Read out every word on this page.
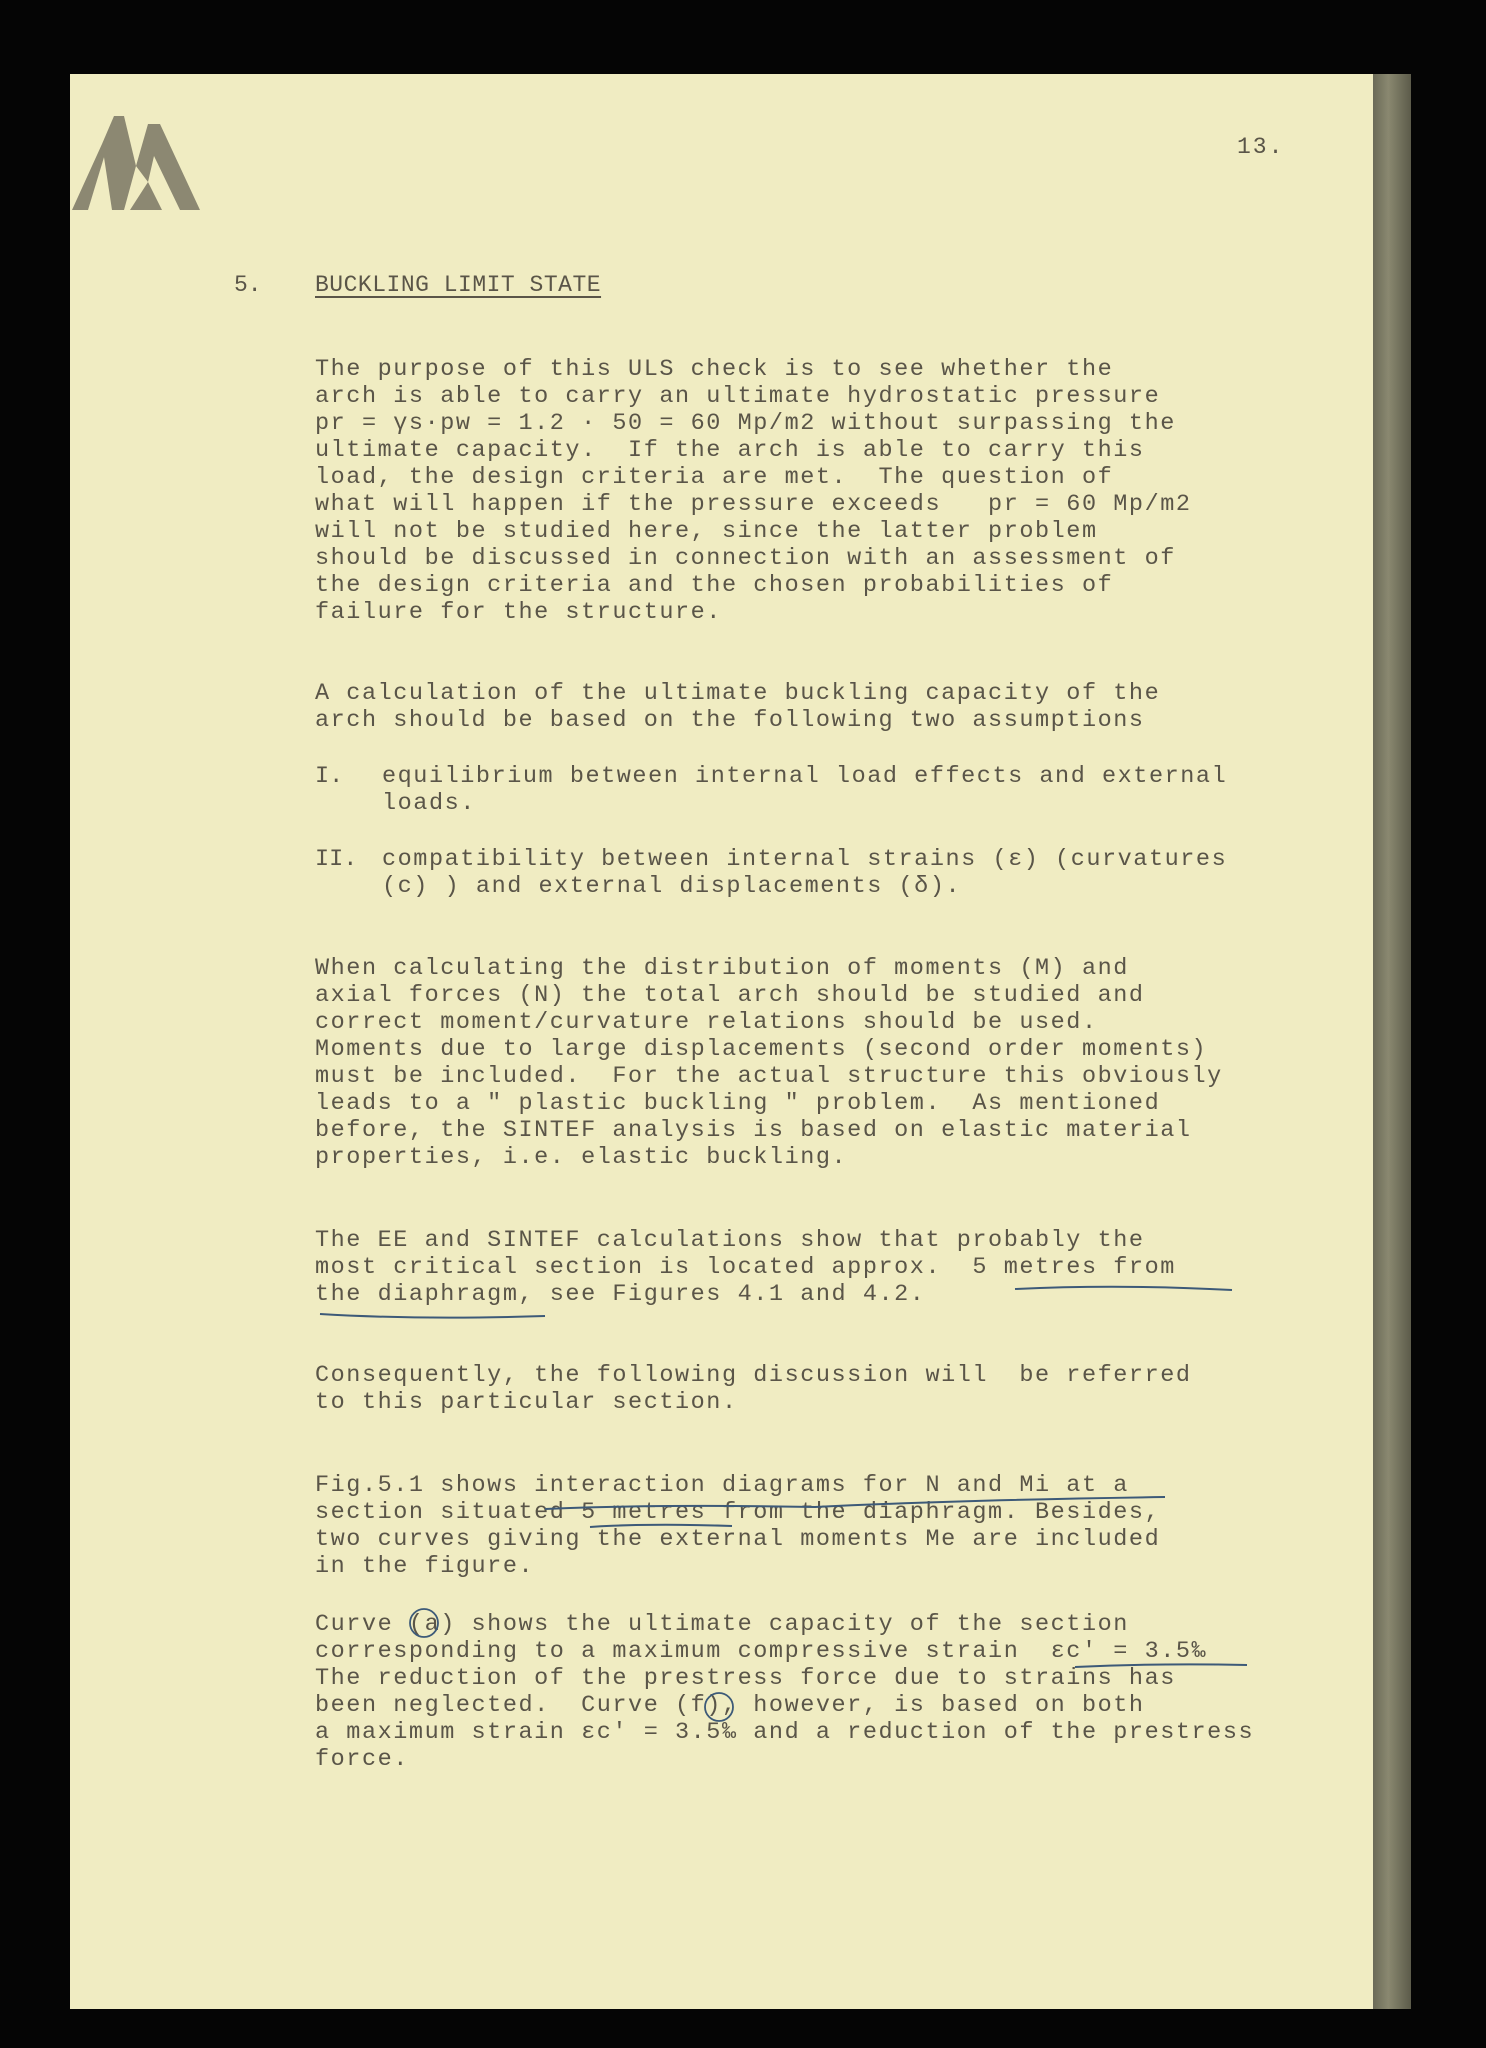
13.
5. BUCKLING LIMIT STATE
The purpose of this ULS check is to see whether the
arch is able to carry an ultimate hydrostatic pressure
pr = γs·pw = 1.2 · 50 = 60 Mp/m2 without surpassing the
ultimate capacity.  If the arch is able to carry this
load, the design criteria are met.  The question of
what will happen if the pressure exceeds   pr = 60 Mp/m2
will not be studied here, since the latter problem
should be discussed in connection with an assessment of
the design criteria and the chosen probabilities of
failure for the structure.
A calculation of the ultimate buckling capacity of the
arch should be based on the following two assumptions
I. equilibrium between internal load effects and external
loads.
II. compatibility between internal strains (ε) (curvatures
(c) ) and external displacements (δ).
When calculating the distribution of moments (M) and
axial forces (N) the total arch should be studied and
correct moment/curvature relations should be used.
Moments due to large displacements (second order moments)
must be included.  For the actual structure this obviously
leads to a " plastic buckling " problem.  As mentioned
before, the SINTEF analysis is based on elastic material
properties, i.e. elastic buckling.
The EE and SINTEF calculations show that probably the
most critical section is located approx.  5 metres from
the diaphragm, see Figures 4.1 and 4.2.
Consequently, the following discussion will  be referred
to this particular section.
Fig.5.1 shows interaction diagrams for N and Mi at a
section situated 5 metres from the diaphragm. Besides,
two curves giving the external moments Me are included
in the figure.
Curve (a) shows the ultimate capacity of the section
corresponding to a maximum compressive strain  εc' = 3.5‰
The reduction of the prestress force due to strains has
been neglected.  Curve (f), however, is based on both
a maximum strain εc' = 3.5‰ and a reduction of the prestress
force.
